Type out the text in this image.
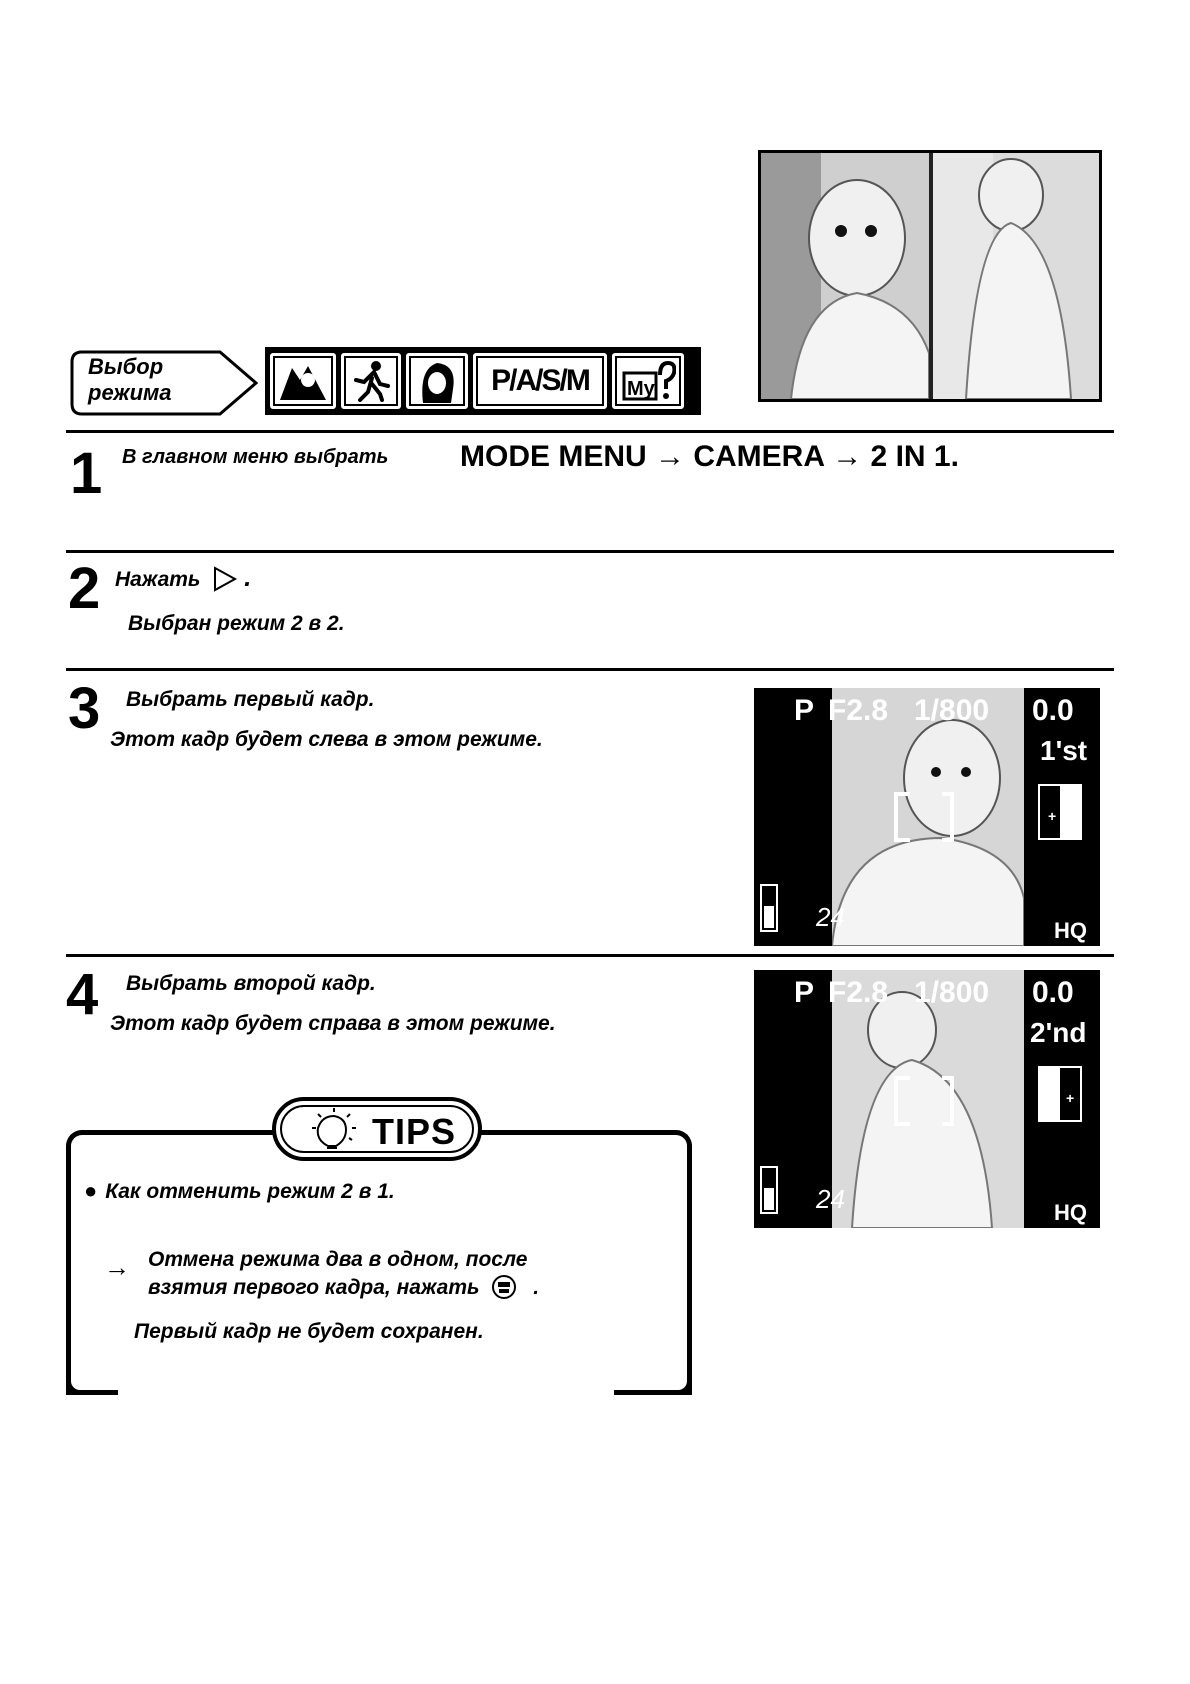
Выбор
режима	P/A/S/M My
1 В главном меню выбрать MODE MENU → CAMERA → 2 IN 1.
2 Нажать .
Выбран режим 2 в 2.
3 Выбрать первый кадр.
Этот кадр будет слева в этом режиме.
P F2.8 1/800 0.0
1'st
+
24	HQ
4 Выбрать второй кадр.
Этот кадр будет справа в этом режиме.
P F2.8 1/800 0.0
2'nd
+
24	HQ
TIPS
● Как отменить режим 2 в 1.
→ Отмена режима два в одном, после
взятия первого кадра, нажать	.
Первый кадр не будет сохранен.
